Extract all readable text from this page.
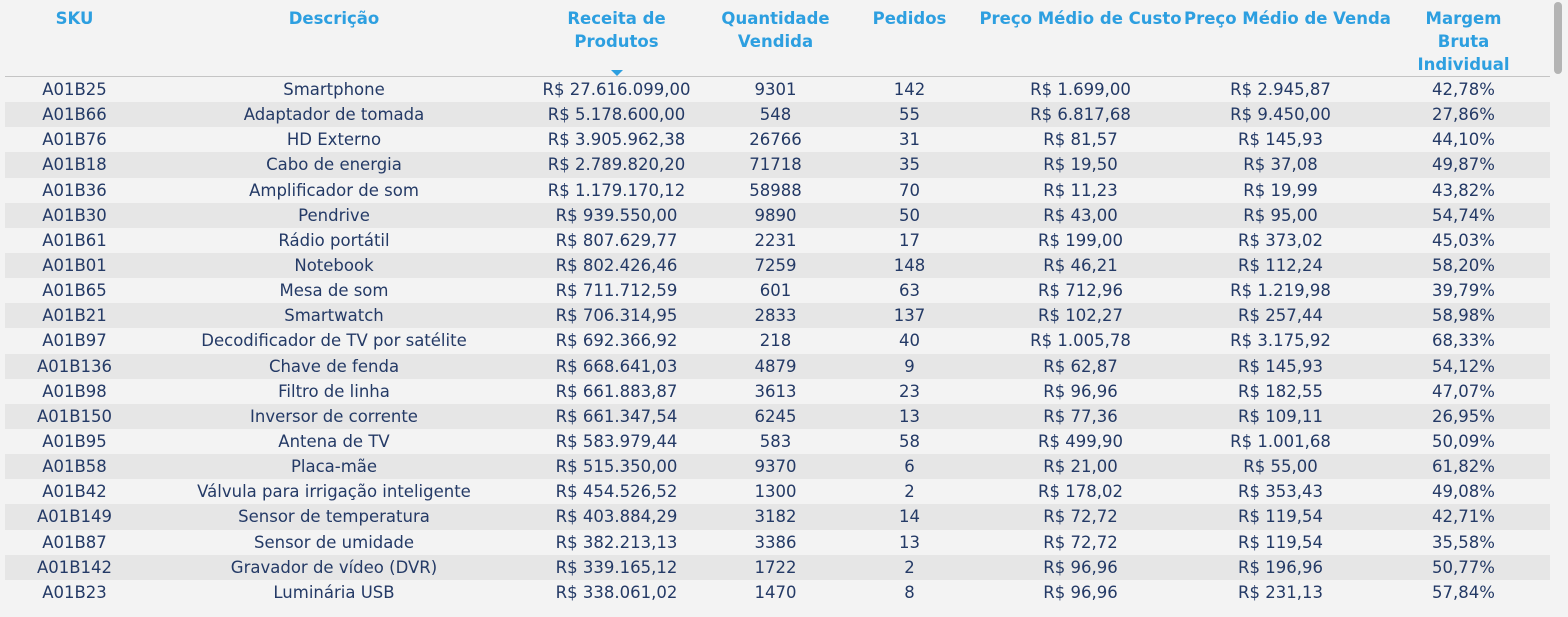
SKU	Descrição	Receita de Produtos	Quantidade Vendida	Pedidos	Preço Médio de Custo	Preço Médio de Venda	Margem Bruta Individual

A01B25	Smartphone	R$ 27.616.099,00	9301	142	R$ 1.699,00	R$ 2.945,87	42,78%
A01B66	Adaptador de tomada	R$ 5.178.600,00	548	55	R$ 6.817,68	R$ 9.450,00	27,86%
A01B76	HD Externo	R$ 3.905.962,38	26766	31	R$ 81,57	R$ 145,93	44,10%
A01B18	Cabo de energia	R$ 2.789.820,20	71718	35	R$ 19,50	R$ 37,08	49,87%
A01B36	Amplificador de som	R$ 1.179.170,12	58988	70	R$ 11,23	R$ 19,99	43,82%
A01B30	Pendrive	R$ 939.550,00	9890	50	R$ 43,00	R$ 95,00	54,74%
A01B61	Rádio portátil	R$ 807.629,77	2231	17	R$ 199,00	R$ 373,02	45,03%
A01B01	Notebook	R$ 802.426,46	7259	148	R$ 46,21	R$ 112,24	58,20%
A01B65	Mesa de som	R$ 711.712,59	601	63	R$ 712,96	R$ 1.219,98	39,79%
A01B21	Smartwatch	R$ 706.314,95	2833	137	R$ 102,27	R$ 257,44	58,98%
A01B97	Decodificador de TV por satélite	R$ 692.366,92	218	40	R$ 1.005,78	R$ 3.175,92	68,33%
A01B136	Chave de fenda	R$ 668.641,03	4879	9	R$ 62,87	R$ 145,93	54,12%
A01B98	Filtro de linha	R$ 661.883,87	3613	23	R$ 96,96	R$ 182,55	47,07%
A01B150	Inversor de corrente	R$ 661.347,54	6245	13	R$ 77,36	R$ 109,11	26,95%
A01B95	Antena de TV	R$ 583.979,44	583	58	R$ 499,90	R$ 1.001,68	50,09%
A01B58	Placa-mãe	R$ 515.350,00	9370	6	R$ 21,00	R$ 55,00	61,82%
A01B42	Válvula para irrigação inteligente	R$ 454.526,52	1300	2	R$ 178,02	R$ 353,43	49,08%
A01B149	Sensor de temperatura	R$ 403.884,29	3182	14	R$ 72,72	R$ 119,54	42,71%
A01B87	Sensor de umidade	R$ 382.213,13	3386	13	R$ 72,72	R$ 119,54	35,58%
A01B142	Gravador de vídeo (DVR)	R$ 339.165,12	1722	2	R$ 96,96	R$ 196,96	50,77%
A01B23	Luminária USB	R$ 338.061,02	1470	8	R$ 96,96	R$ 231,13	57,84%
